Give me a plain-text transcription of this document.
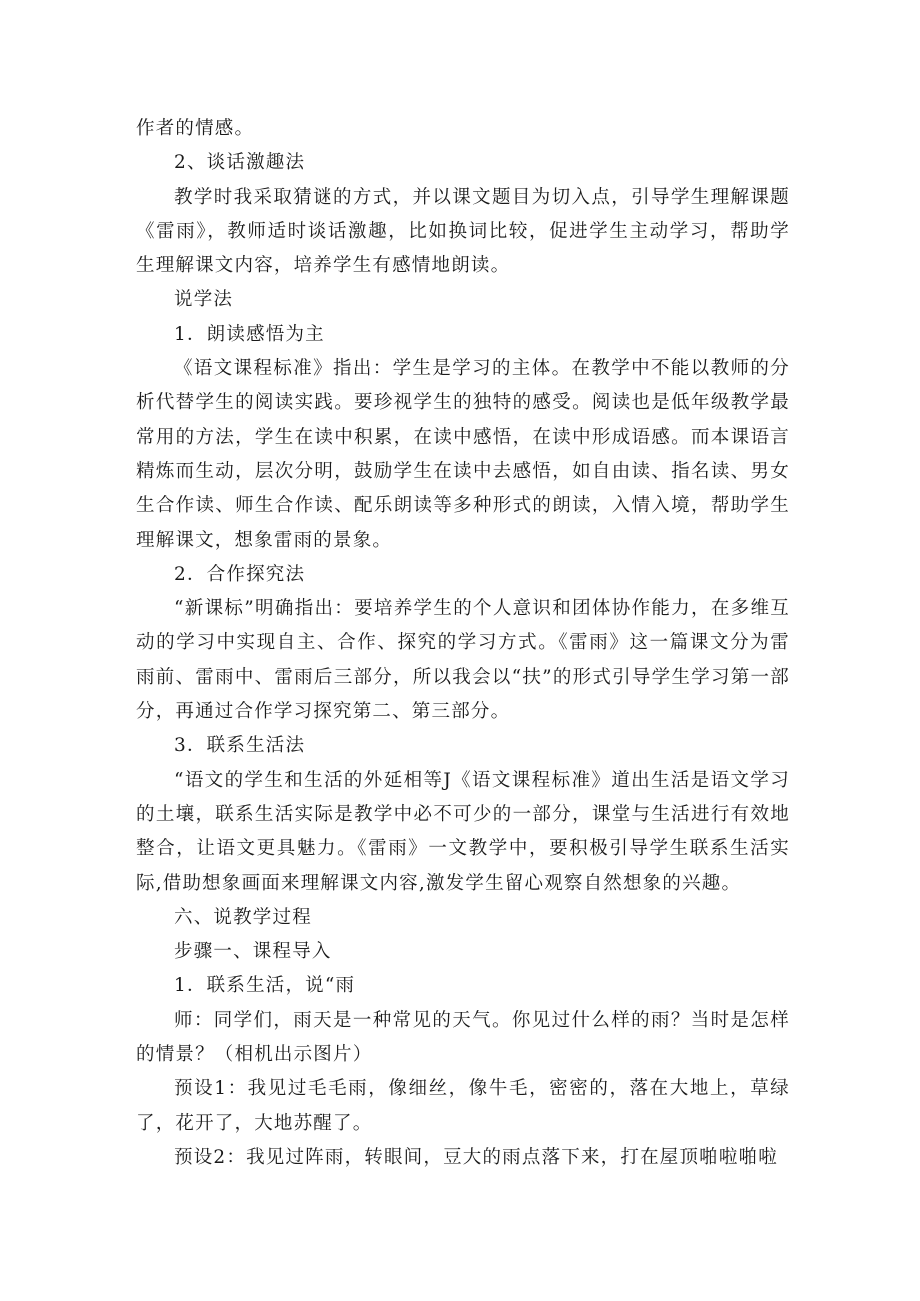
作者的情感。

2、谈话激趣法

教学时我采取猜谜的方式，并以课文题目为切入点，引导学生理解课题《雷雨》，教师适时谈话激趣，比如换词比较，促进学生主动学习，帮助学生理解课文内容，培养学生有感情地朗读。

说学法

1．朗读感悟为主

《语文课程标准》指出：学生是学习的主体。在教学中不能以教师的分析代替学生的阅读实践。要珍视学生的独特的感受。阅读也是低年级教学最常用的方法，学生在读中积累，在读中感悟，在读中形成语感。而本课语言精炼而生动，层次分明，鼓励学生在读中去感悟，如自由读、指名读、男女生合作读、师生合作读、配乐朗读等多种形式的朗读，入情入境，帮助学生理解课文，想象雷雨的景象。

2．合作探究法

“新课标”明确指出：要培养学生的个人意识和团体协作能力，在多维互动的学习中实现自主、合作、探究的学习方式。《雷雨》这一篇课文分为雷雨前、雷雨中、雷雨后三部分，所以我会以“扶”的形式引导学生学习第一部分，再通过合作学习探究第二、第三部分。

3．联系生活法

“语文的学生和生活的外延相等J《语文课程标准》道出生活是语文学习的土壤，联系生活实际是教学中必不可少的一部分，课堂与生活进行有效地整合，让语文更具魅力。《雷雨》一文教学中，要积极引导学生联系生活实际,借助想象画面来理解课文内容,激发学生留心观察自然想象的兴趣。

六、说教学过程

步骤一、课程导入

1．联系生活，说“雨

师：同学们，雨天是一种常见的天气。你见过什么样的雨？当时是怎样的情景？（相机出示图片）

预设1：我见过毛毛雨，像细丝，像牛毛，密密的，落在大地上，草绿了，花开了，大地苏醒了。

预设2：我见过阵雨，转眼间，豆大的雨点落下来，打在屋顶啪啦啪啦
